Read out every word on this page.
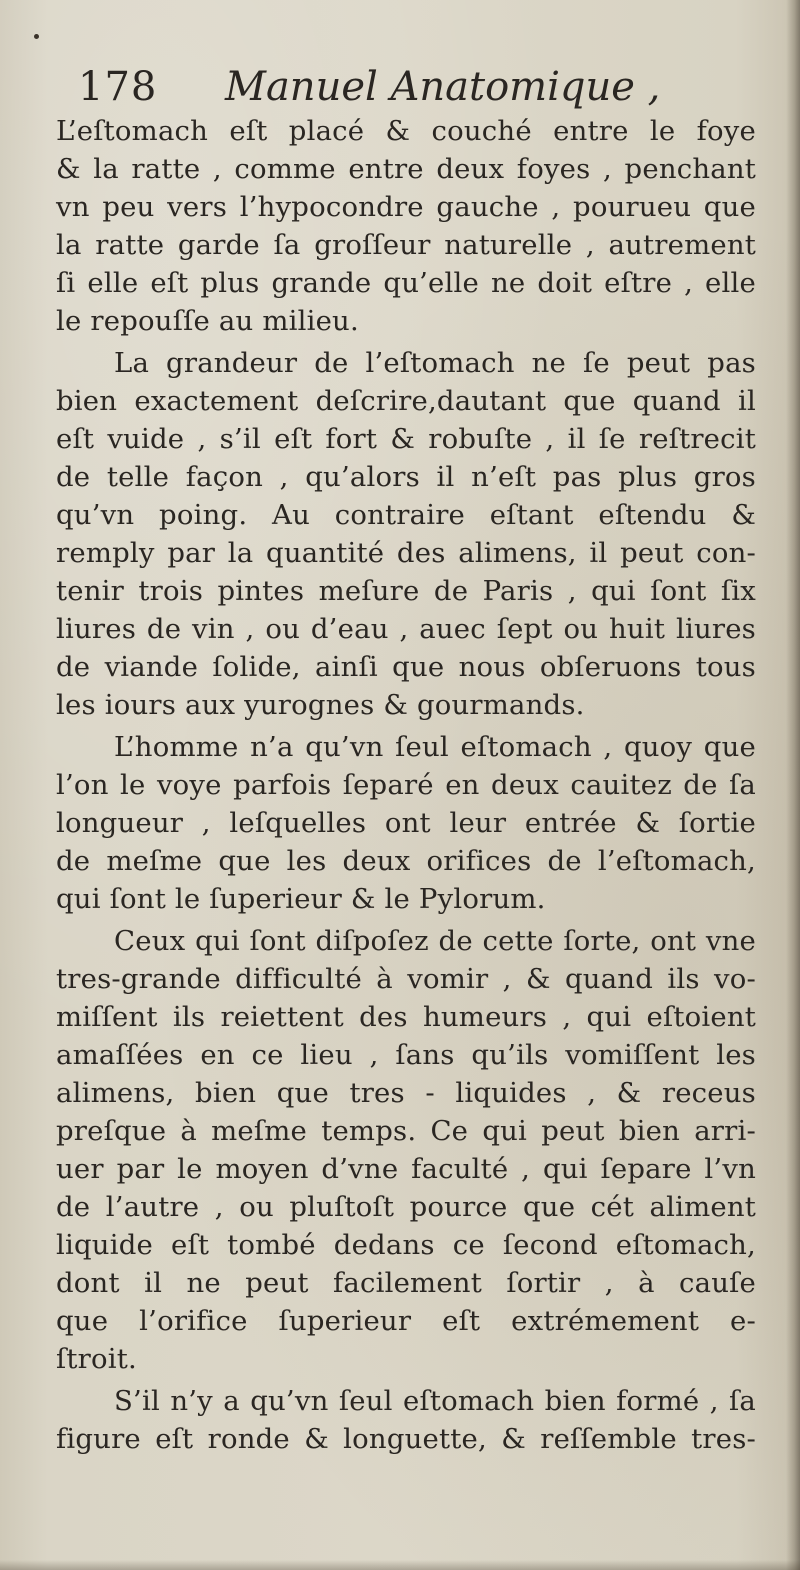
178 Manuel Anatomique ,
L’eſtomach eſt placé & couché entre le foye
& la ratte , comme entre deux foyes , penchant
vn peu vers l’hypocondre gauche , pourueu que
la ratte garde ſa groſſeur naturelle , autrement
ſi elle eſt plus grande qu’elle ne doit eſtre , elle
le repouſſe au milieu.
La grandeur de l’eſtomach ne ſe peut pas
bien exactement deſcrire,dautant que quand il
eſt vuide , s’il eſt fort & robuſte , il ſe reſtrecit
de telle façon , qu’alors il n’eſt pas plus gros
qu’vn poing. Au contraire eſtant eſtendu &
remply par la quantité des alimens, il peut con-
tenir trois pintes meſure de Paris , qui ſont ſix
liures de vin , ou d’eau , auec ſept ou huit liures
de viande ſolide, ainſi que nous obſeruons tous
les iours aux yurognes & gourmands.
L’homme n’a qu’vn ſeul eſtomach , quoy que
l’on le voye parfois ſeparé en deux cauitez de ſa
longueur , leſquelles ont leur entrée & ſortie
de meſme que les deux orifices de l’eſtomach,
qui ſont le ſuperieur & le Pylorum.
Ceux qui ſont diſpoſez de cette ſorte, ont vne
tres-grande difficulté à vomir , & quand ils vo-
miſſent ils reiettent des humeurs , qui eſtoient
amaſſées en ce lieu , ſans qu’ils vomiſſent les
alimens, bien que tres - liquides , & receus
preſque à meſme temps. Ce qui peut bien arri-
uer par le moyen d’vne faculté , qui ſepare l’vn
de l’autre , ou pluſtoſt pource que cét aliment
liquide eſt tombé dedans ce ſecond eſtomach,
dont il ne peut facilement ſortir , à cauſe
que l’orifice ſuperieur eſt extrémement e-
ſtroit.
S’il n’y a qu’vn ſeul eſtomach bien formé , ſa
figure eſt ronde & longuette, & reſſemble tres-
